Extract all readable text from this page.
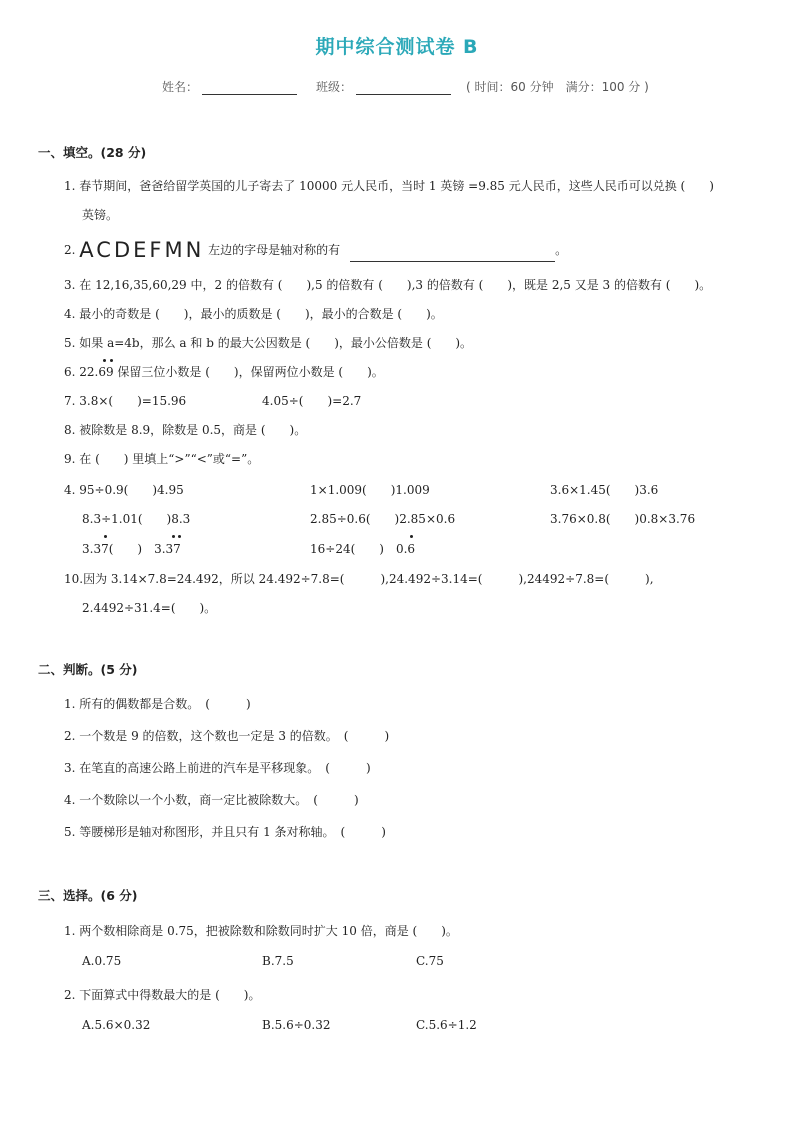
期中综合测试卷 B
姓名：	班级：	( 时间：60 分钟　满分：100 分 )
一、填空。(28 分)
1. 春节期间，爸爸给留学英国的儿子寄去了 10000 元人民币，当时 1 英镑 =9.85 元人民币，这些人民币可以兑换 (　　)
英镑。
2. ACDEFMN 左边的字母是轴对称的有	。
3. 在 12,16,35,60,29 中，2 的倍数有 (　　),5 的倍数有 (　　),3 的倍数有 (　　)，既是 2,5 又是 3 的倍数有 (　　)。
4. 最小的奇数是 (　　)，最小的质数是 (　　)，最小的合数是 (　　)。
5. 如果 a=4b，那么 a 和 b 的最大公因数是 (　　)，最小公倍数是 (　　)。
6. 22.69 保留三位小数是 (　　)，保留两位小数是 (　　)。
7. 3.8×(　　)=15.96	4.05÷(　　)=2.7
8. 被除数是 8.9，除数是 0.5，商是 (　　)。
9. 在 (　　) 里填上“>”“<”或“=”。
4. 95÷0.9(　　)4.95	1×1.009(　　)1.009	3.6×1.45(　　)3.6
8.3÷1.01(　　)8.3	2.85÷0.6(　　)2.85×0.6	3.76×0.8(　　)0.8×3.76
3.37(　　)　3.37	16÷24(　　)　0.6
10.因为 3.14×7.8=24.492，所以 24.492÷7.8=(　　　),24.492÷3.14=(　　　),24492÷7.8=(　　　),
2.4492÷31.4=(　　)。
二、判断。(5 分)
1. 所有的偶数都是合数。　(　　　)
2. 一个数是 9 的倍数，这个数也一定是 3 的倍数。　(　　　)
3. 在笔直的高速公路上前进的汽车是平移现象。　(　　　)
4. 一个数除以一个小数，商一定比被除数大。　(　　　)
5. 等腰梯形是轴对称图形，并且只有 1 条对称轴。　(　　　)
三、选择。(6 分)
1. 两个数相除商是 0.75，把被除数和除数同时扩大 10 倍，商是 (　　)。
A.0.75	B.7.5	C.75
2. 下面算式中得数最大的是 (　　)。
A.5.6×0.32	B.5.6÷0.32	C.5.6÷1.2
